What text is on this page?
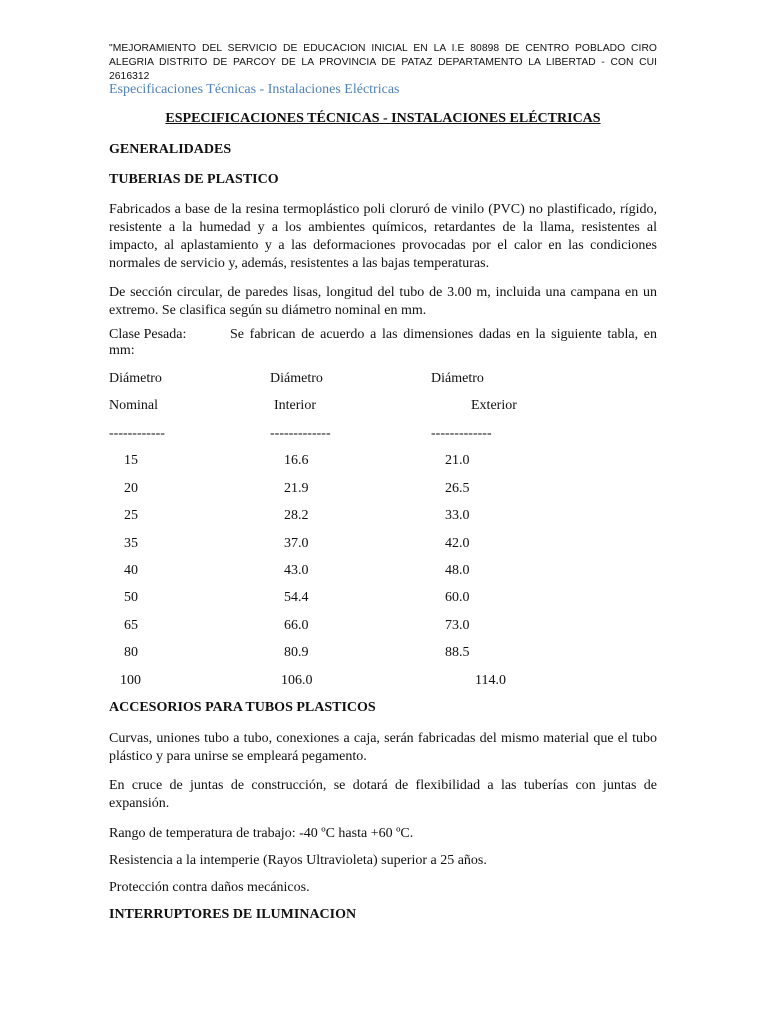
"MEJORAMIENTO DEL SERVICIO DE EDUCACION INICIAL EN LA I.E 80898 DE CENTRO POBLADO CIRO ALEGRIA DISTRITO DE PARCOY DE LA PROVINCIA DE PATAZ DEPARTAMENTO LA LIBERTAD - CON CUI 2616312
Especificaciones Técnicas - Instalaciones Eléctricas
ESPECIFICACIONES TÉCNICAS - INSTALACIONES ELÉCTRICAS
GENERALIDADES
TUBERIAS DE PLASTICO

Fabricados a base de la resina termoplástico poli cloruró de vinilo (PVC) no plastificado, rígido, resistente a la humedad y a los ambientes químicos, retardantes de la llama, resistentes al impacto, al aplastamiento y a las deformaciones provocadas por el calor en las condiciones normales de servicio y, además, resistentes a las bajas temperaturas.

De sección circular, de paredes lisas, longitud del tubo de 3.00 m, incluida una campana en un extremo. Se clasifica según su diámetro nominal en mm.

Clase Pesada:	Se fabrican de acuerdo a las dimensiones dadas en la siguiente tabla, en mm:

Diámetro	Diámetro	Diámetro
Nominal	Interior	Exterior
------------	-------------	-------------
15	16.6	21.0
20	21.9	26.5
25	28.2	33.0
35	37.0	42.0
40	43.0	48.0
50	54.4	60.0
65	66.0	73.0
80	80.9	88.5
100	106.0	114.0
ACCESORIOS PARA TUBOS PLASTICOS

Curvas, uniones tubo a tubo, conexiones a caja, serán fabricadas del mismo material que el tubo plástico y para unirse se empleará pegamento.

En cruce de juntas de construcción, se dotará de flexibilidad a las tuberías con juntas de expansión.

Rango de temperatura de trabajo: -40 ºC hasta +60 ºC.

Resistencia a la intemperie (Rayos Ultravioleta) superior a 25 años.

Protección contra daños mecánicos.

INTERRUPTORES DE ILUMINACION
